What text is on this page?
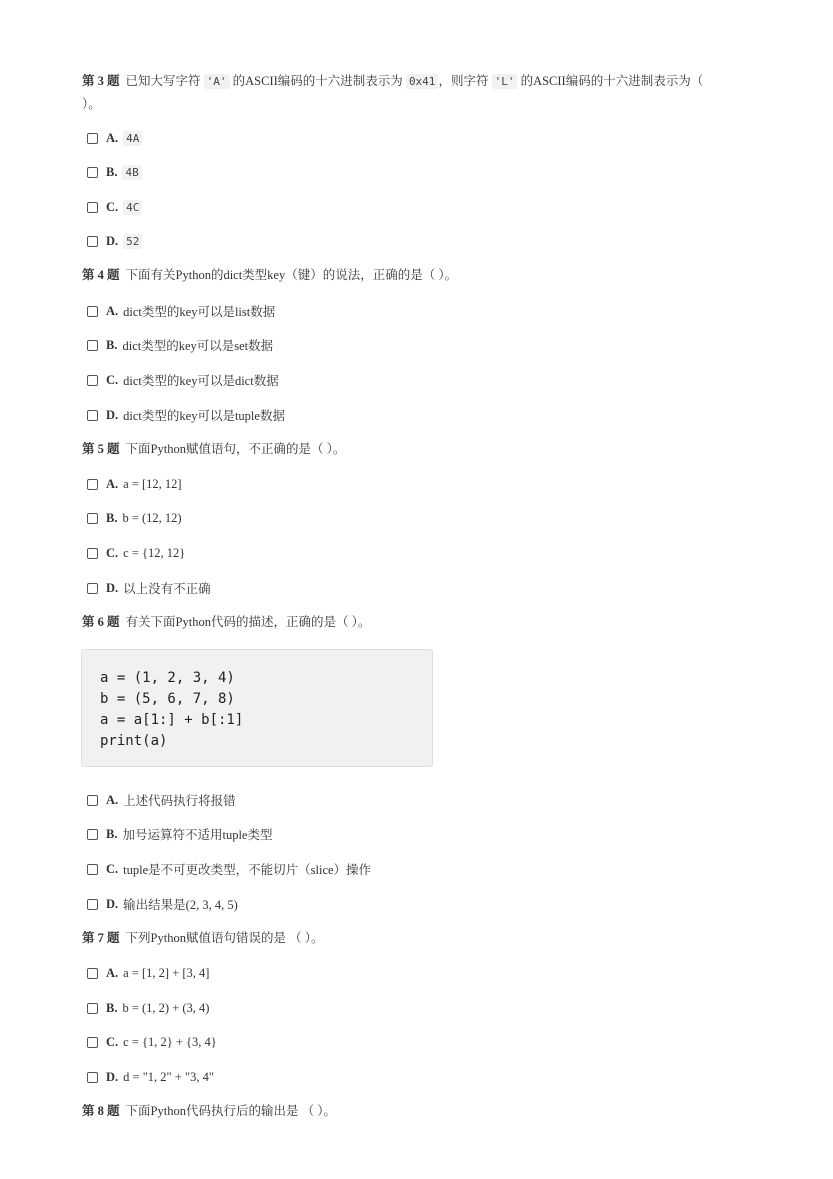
第 3 题 已知大写字符 'A' 的ASCII编码的十六进制表示为 0x41 ，则字符 'L' 的ASCII编码的十六进制表示为（
）。

A. 4A
B. 4B
C. 4C
D. 52

第 4 题 下面有关Python的dict类型key（键）的说法，正确的是（ ）。

A. dict类型的key可以是list数据
B. dict类型的key可以是set数据
C. dict类型的key可以是dict数据
D. dict类型的key可以是tuple数据

第 5 题 下面Python赋值语句，不正确的是（ ）。

A. a = [12, 12]
B. b = (12, 12)
C. c = {12, 12}
D. 以上没有不正确

第 6 题 有关下面Python代码的描述，正确的是（ ）。

a = (1, 2, 3, 4)
b = (5, 6, 7, 8)
a = a[1:] + b[:1]
print(a)
A. 上述代码执行将报错
B. 加号运算符不适用tuple类型
C. tuple是不可更改类型，不能切片（slice）操作
D. 输出结果是(2, 3, 4, 5)

第 7 题 下列Python赋值语句错误的是 （ ）。

A. a = [1, 2] + [3, 4]
B. b = (1, 2) + (3, 4)
C. c = {1, 2} + {3, 4}
D. d = "1, 2" + "3, 4"

第 8 题 下面Python代码执行后的输出是 （ ）。
